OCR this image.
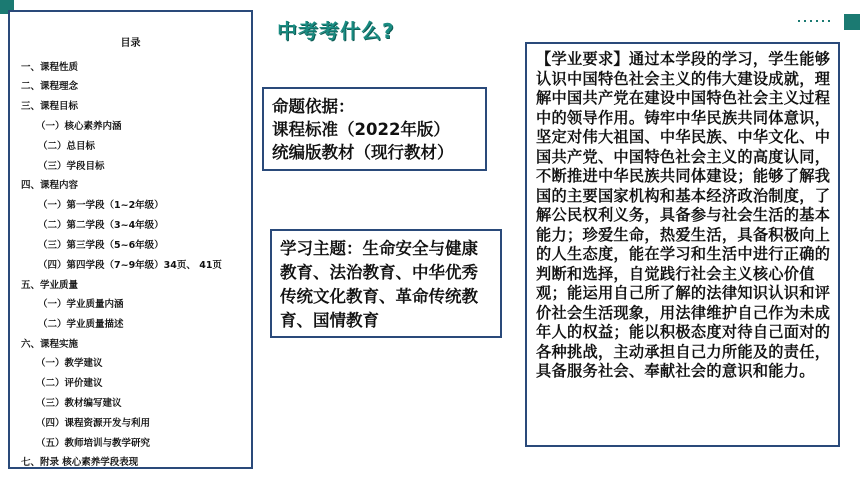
目录
一、课程性质
二、课程理念
三、课程目标
（一）核心素养内涵
（二）总目标
（三）学段目标
四、课程内容
（一）第一学段（1~2年级）
（二）第二学段（3~4年级）
（三）第三学段（5~6年级）
（四）第四学段（7~9年级）34页、 41页
五、学业质量
（一）学业质量内涵
（二）学业质量描述
六、课程实施
（一）教学建议
（二）评价建议
（三）教材编写建议
（四）课程资源开发与利用
（五）教师培训与教学研究
七、附录 核心素养学段表现
中考考什么?
命题依据：
课程标准（2022年版）
统编版教材（现行教材）
学习主题：生命安全与健康教育、法治教育、中华优秀传统文化教育、革命传统教育、国情教育
【学业要求】通过本学段的学习，学生能够认识中国特色社会主义的伟大建设成就，理解中国共产党在建设中国特色社会主义过程中的领导作用。铸牢中华民族共同体意识，坚定对伟大祖国、中华民族、中华文化、中国共产党、中国特色社会主义的高度认同，不断推进中华民族共同体建设；能够了解我国的主要国家机构和基本经济政治制度，了解公民权利义务，具备参与社会生活的基本能力；珍爱生命，热爱生活，具备积极向上的人生态度，能在学习和生活中进行正确的判断和选择，自觉践行社会主义核心价值观；能运用自己所了解的法律知识认识和评价社会生活现象，用法律维护自己作为未成年人的权益；能以积极态度对待自己面对的各种挑战，主动承担自己力所能及的责任，具备服务社会、奉献社会的意识和能力。
